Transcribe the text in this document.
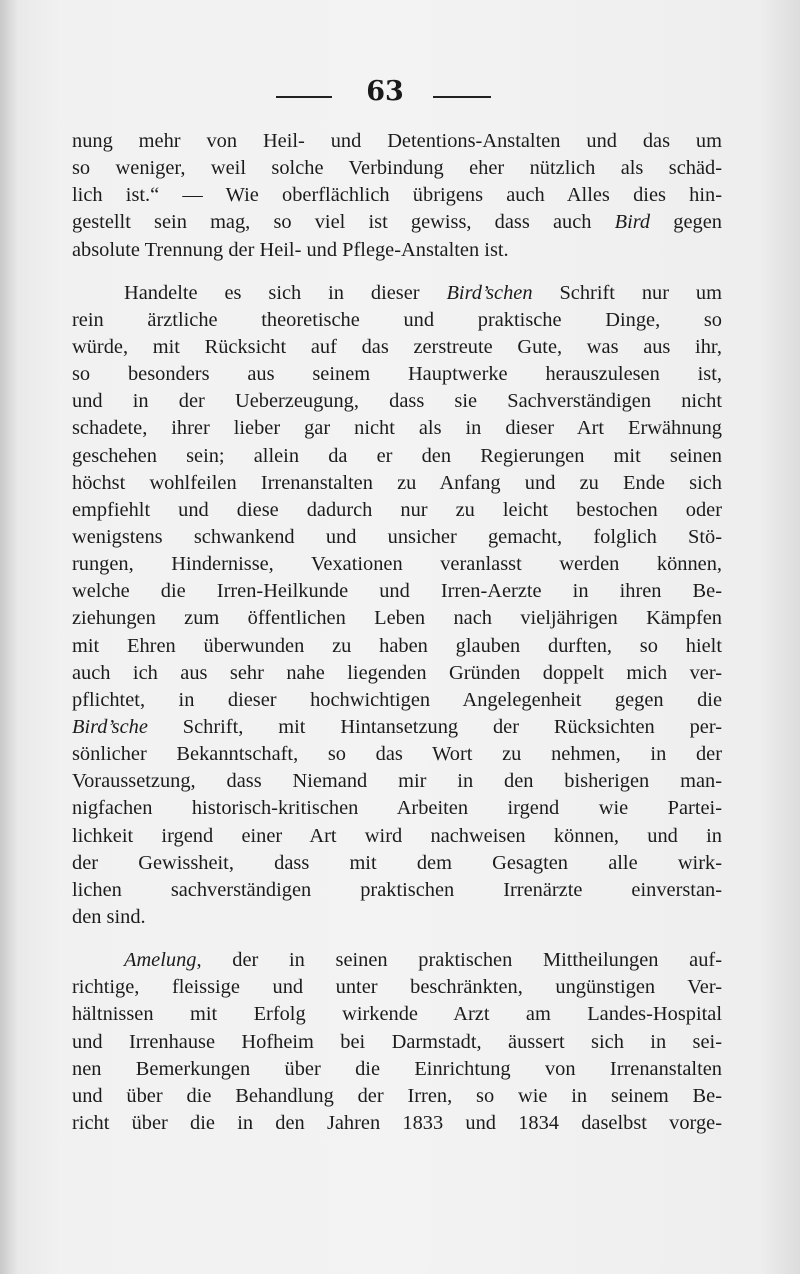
63

nung mehr von Heil- und Detentions-Anstalten und das um
so weniger, weil solche Verbindung eher nützlich als schäd-
lich ist.“ — Wie oberflächlich übrigens auch Alles dies hin-
gestellt sein mag, so viel ist gewiss, dass auch Bird gegen
absolute Trennung der Heil- und Pflege-Anstalten ist.

Handelte es sich in dieser Bird’schen Schrift nur um
rein ärztliche theoretische und praktische Dinge, so
würde, mit Rücksicht auf das zerstreute Gute, was aus ihr,
so besonders aus seinem Hauptwerke herauszulesen ist,
und in der Ueberzeugung, dass sie Sachverständigen nicht
schadete, ihrer lieber gar nicht als in dieser Art Erwähnung
geschehen sein; allein da er den Regierungen mit seinen
höchst wohlfeilen Irrenanstalten zu Anfang und zu Ende sich
empfiehlt und diese dadurch nur zu leicht bestochen oder
wenigstens schwankend und unsicher gemacht, folglich Stö-
rungen, Hindernisse, Vexationen veranlasst werden können,
welche die Irren-Heilkunde und Irren-Aerzte in ihren Be-
ziehungen zum öffentlichen Leben nach vieljährigen Kämpfen
mit Ehren überwunden zu haben glauben durften, so hielt
auch ich aus sehr nahe liegenden Gründen doppelt mich ver-
pflichtet, in dieser hochwichtigen Angelegenheit gegen die
Bird’sche Schrift, mit Hintansetzung der Rücksichten per-
sönlicher Bekanntschaft, so das Wort zu nehmen, in der
Voraussetzung, dass Niemand mir in den bisherigen man-
nigfachen historisch-kritischen Arbeiten irgend wie Partei-
lichkeit irgend einer Art wird nachweisen können, und in
der Gewissheit, dass mit dem Gesagten alle wirk-
lichen sachverständigen praktischen Irrenärzte einverstan-
den sind.

Amelung, der in seinen praktischen Mittheilungen auf-
richtige, fleissige und unter beschränkten, ungünstigen Ver-
hältnissen mit Erfolg wirkende Arzt am Landes-Hospital
und Irrenhause Hofheim bei Darmstadt, äussert sich in sei-
nen Bemerkungen über die Einrichtung von Irrenanstalten
und über die Behandlung der Irren, so wie in seinem Be-
richt über die in den Jahren 1833 und 1834 daselbst vorge-
